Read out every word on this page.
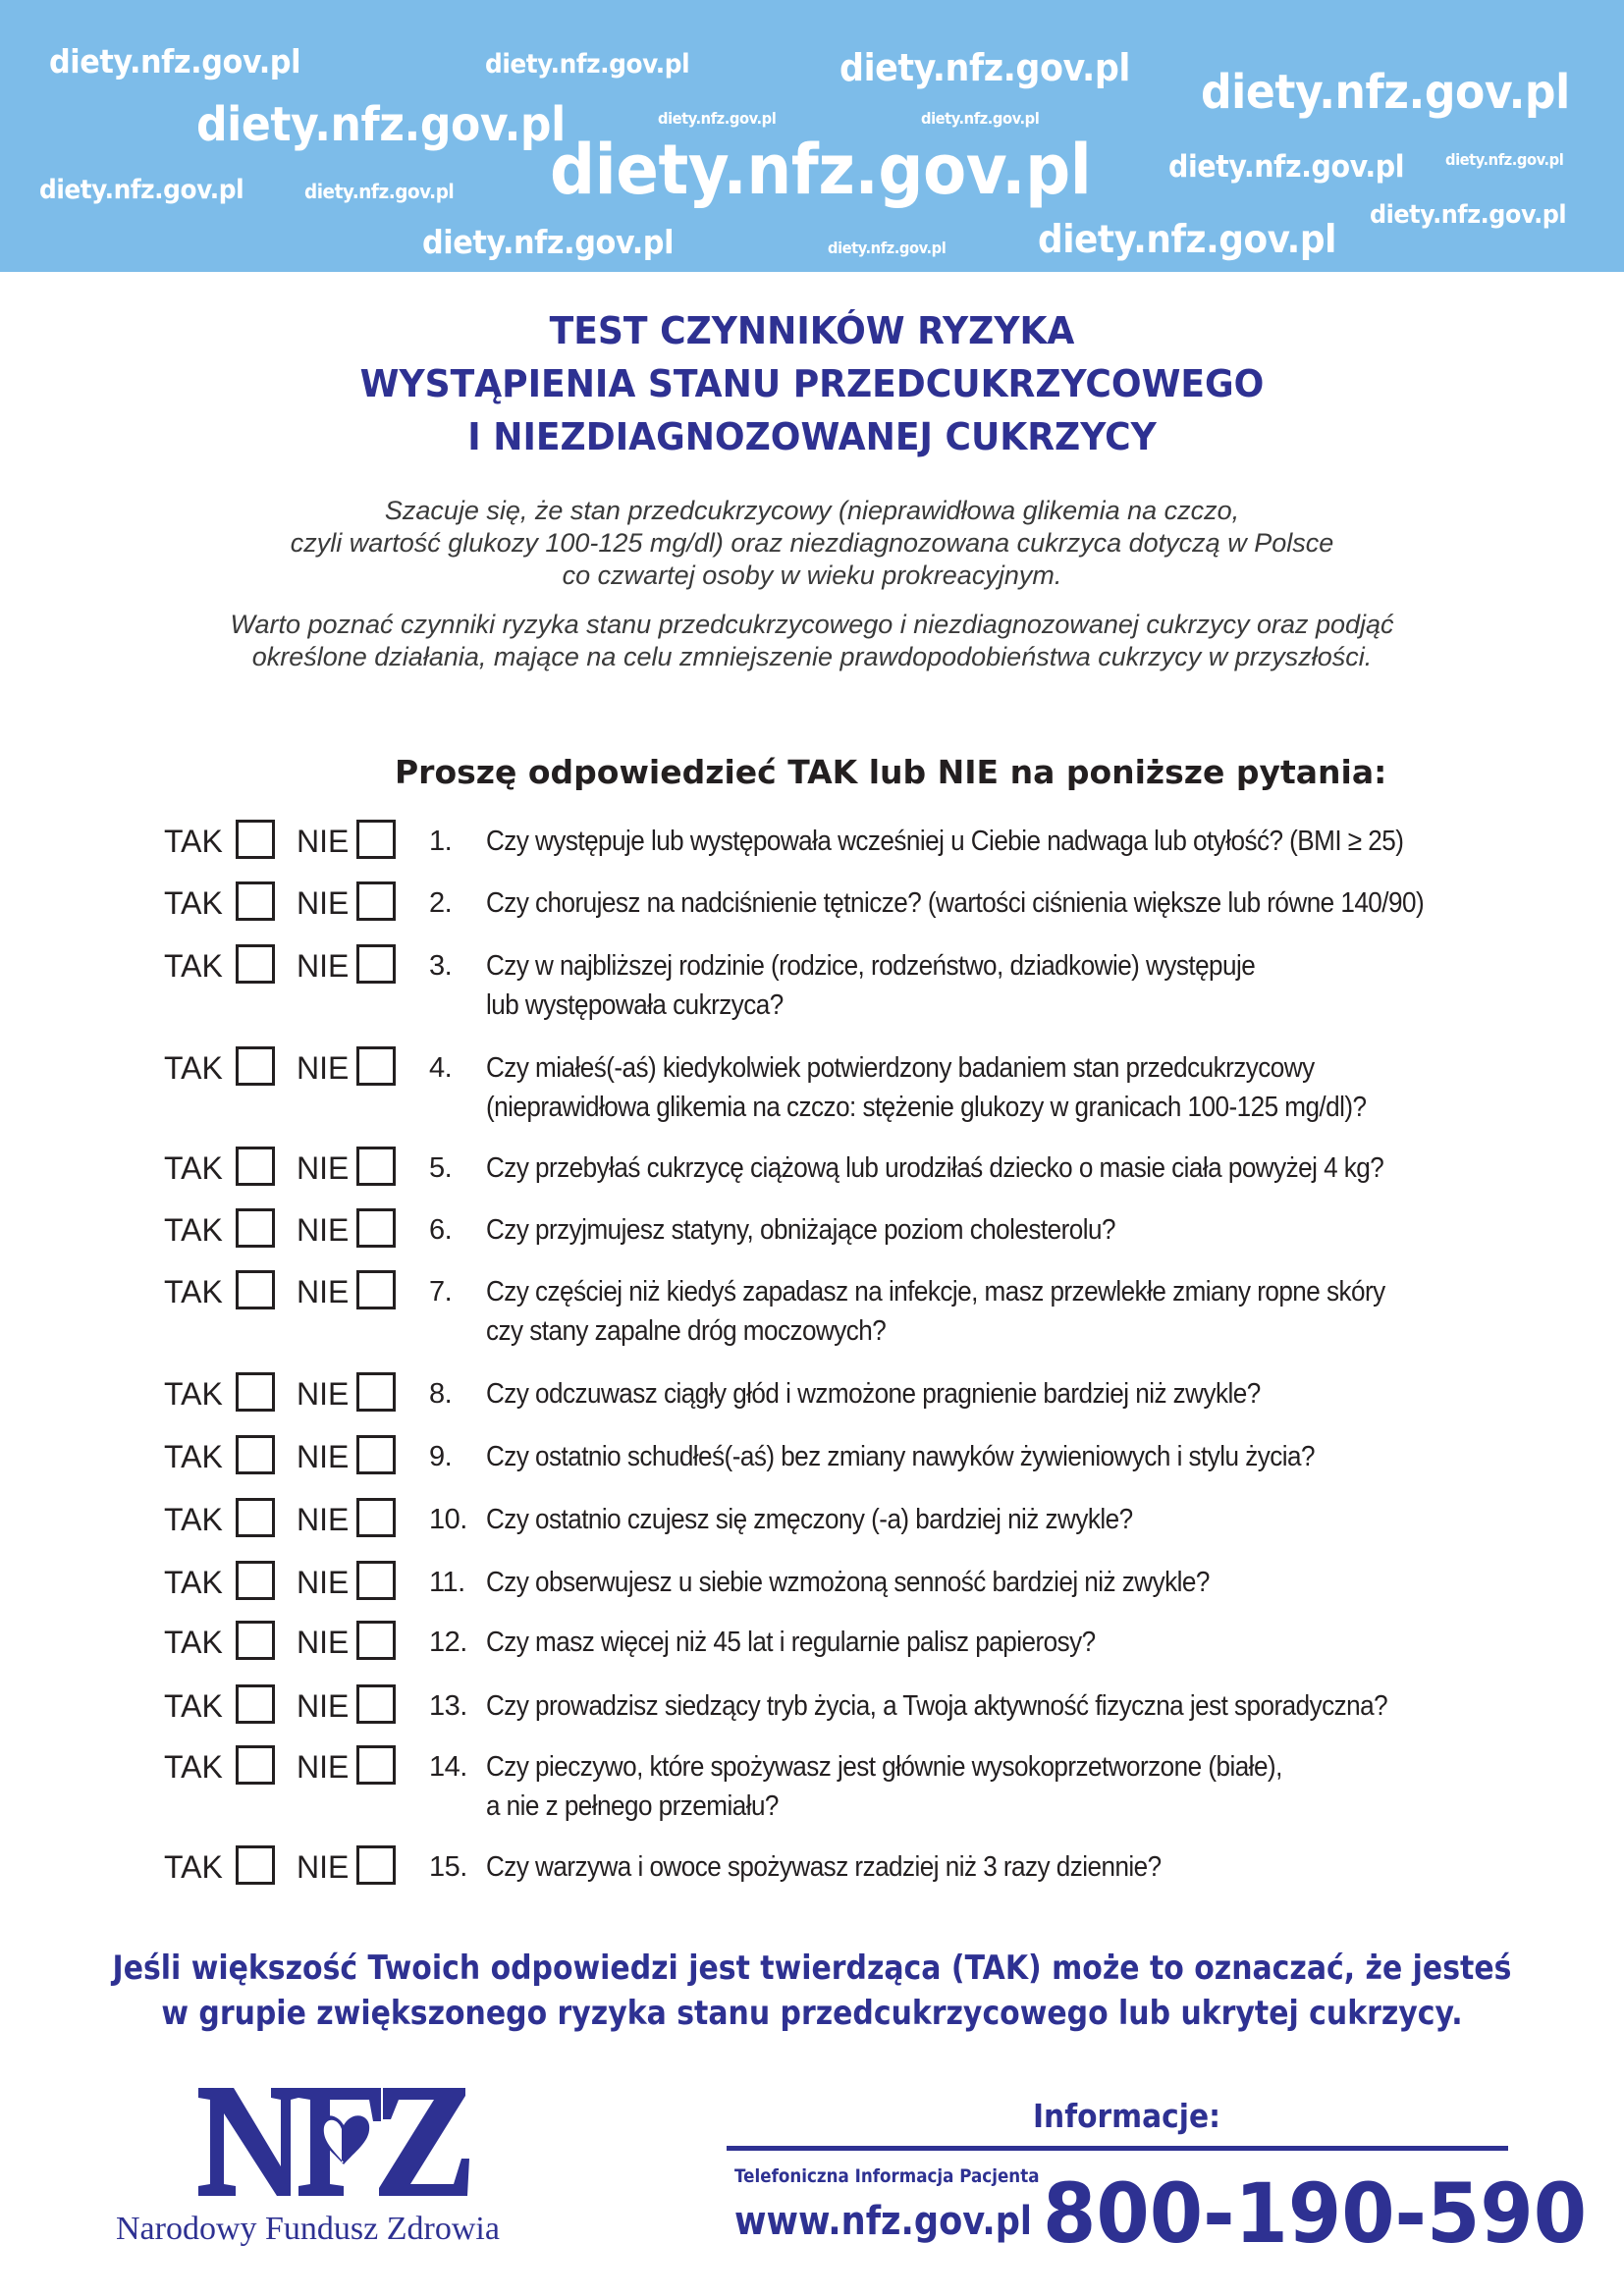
diety.nfz.gov.pl	diety.nfz.gov.pl	diety.nfz.gov.pl diety.nfz.gov.pl
diety.nfz.gov.pl	diety.nfz.gov.pl	diety.nfz.gov.pl
diety.nfz.gov.pl	diety.nfz.gov.pl	diety.nfz.gov.pl
diety.nfz.gov.pl	diety.nfz.gov.pl
diety.nfz.gov.pl
diety.nfz.gov.pl	diety.nfz.gov.pl diety.nfz.gov.pl
TEST CZYNNIKÓW RYZYKA
WYSTĄPIENIA STANU PRZEDCUKRZYCOWEGO
I NIEZDIAGNOZOWANEJ CUKRZYCY
Szacuje się, że stan przedcukrzycowy (nieprawidłowa glikemia na czczo,
czyli wartość glukozy 100-125 mg/dl) oraz niezdiagnozowana cukrzyca dotyczą w Polsce
co czwartej osoby w wieku prokreacyjnym.
Warto poznać czynniki ryzyka stanu przedcukrzycowego i niezdiagnozowanej cukrzycy oraz podjąć
określone działania, mające na celu zmniejszenie prawdopodobieństwa cukrzycy w przyszłości.
Proszę odpowiedzieć TAK lub NIE na poniższe pytania:
TAK NIE	1. Czy występuje lub występowała wcześniej u Ciebie nadwaga lub otyłość? (BMI ≥ 25)
TAK NIE	2. Czy chorujesz na nadciśnienie tętnicze? (wartości ciśnienia większe lub równe 140/90)
TAK NIE	3. Czy w najbliższej rodzinie (rodzice, rodzeństwo, dziadkowie) występuje
lub występowała cukrzyca?
TAK NIE	4. Czy miałeś(-aś) kiedykolwiek potwierdzony badaniem stan przedcukrzycowy
(nieprawidłowa glikemia na czczo: stężenie glukozy w granicach 100-125 mg/dl)?
TAK NIE	5. Czy przebyłaś cukrzycę ciążową lub urodziłaś dziecko o masie ciała powyżej 4 kg?
TAK NIE	6. Czy przyjmujesz statyny, obniżające poziom cholesterolu?
TAK NIE	7. Czy częściej niż kiedyś zapadasz na infekcje, masz przewlekłe zmiany ropne skóry
czy stany zapalne dróg moczowych?
TAK NIE	8. Czy odczuwasz ciągły głód i wzmożone pragnienie bardziej niż zwykle?
TAK NIE	9. Czy ostatnio schudłeś(-aś) bez zmiany nawyków żywieniowych i stylu życia?
TAK NIE	10. Czy ostatnio czujesz się zmęczony (-a) bardziej niż zwykle?
TAK NIE	11. Czy obserwujesz u siebie wzmożoną senność bardziej niż zwykle?
TAK NIE	12. Czy masz więcej niż 45 lat i regularnie palisz papierosy?
TAK NIE	13. Czy prowadzisz siedzący tryb życia, a Twoja aktywność fizyczna jest sporadyczna?
TAK NIE	14. Czy pieczywo, które spożywasz jest głównie wysokoprzetworzone (białe),
a nie z pełnego przemiału?
TAK NIE	15. Czy warzywa i owoce spożywasz rzadziej niż 3 razy dziennie?
Jeśli większość Twoich odpowiedzi jest twierdząca (TAK) może to oznaczać, że jesteś
w grupie zwiększonego ryzyka stanu przedcukrzycowego lub ukrytej cukrzycy.
Narodowy Fundusz Zdrowia
Informacje:
Telefoniczna Informacja Pacjenta
www.nfz.gov.pl 800-190-590
